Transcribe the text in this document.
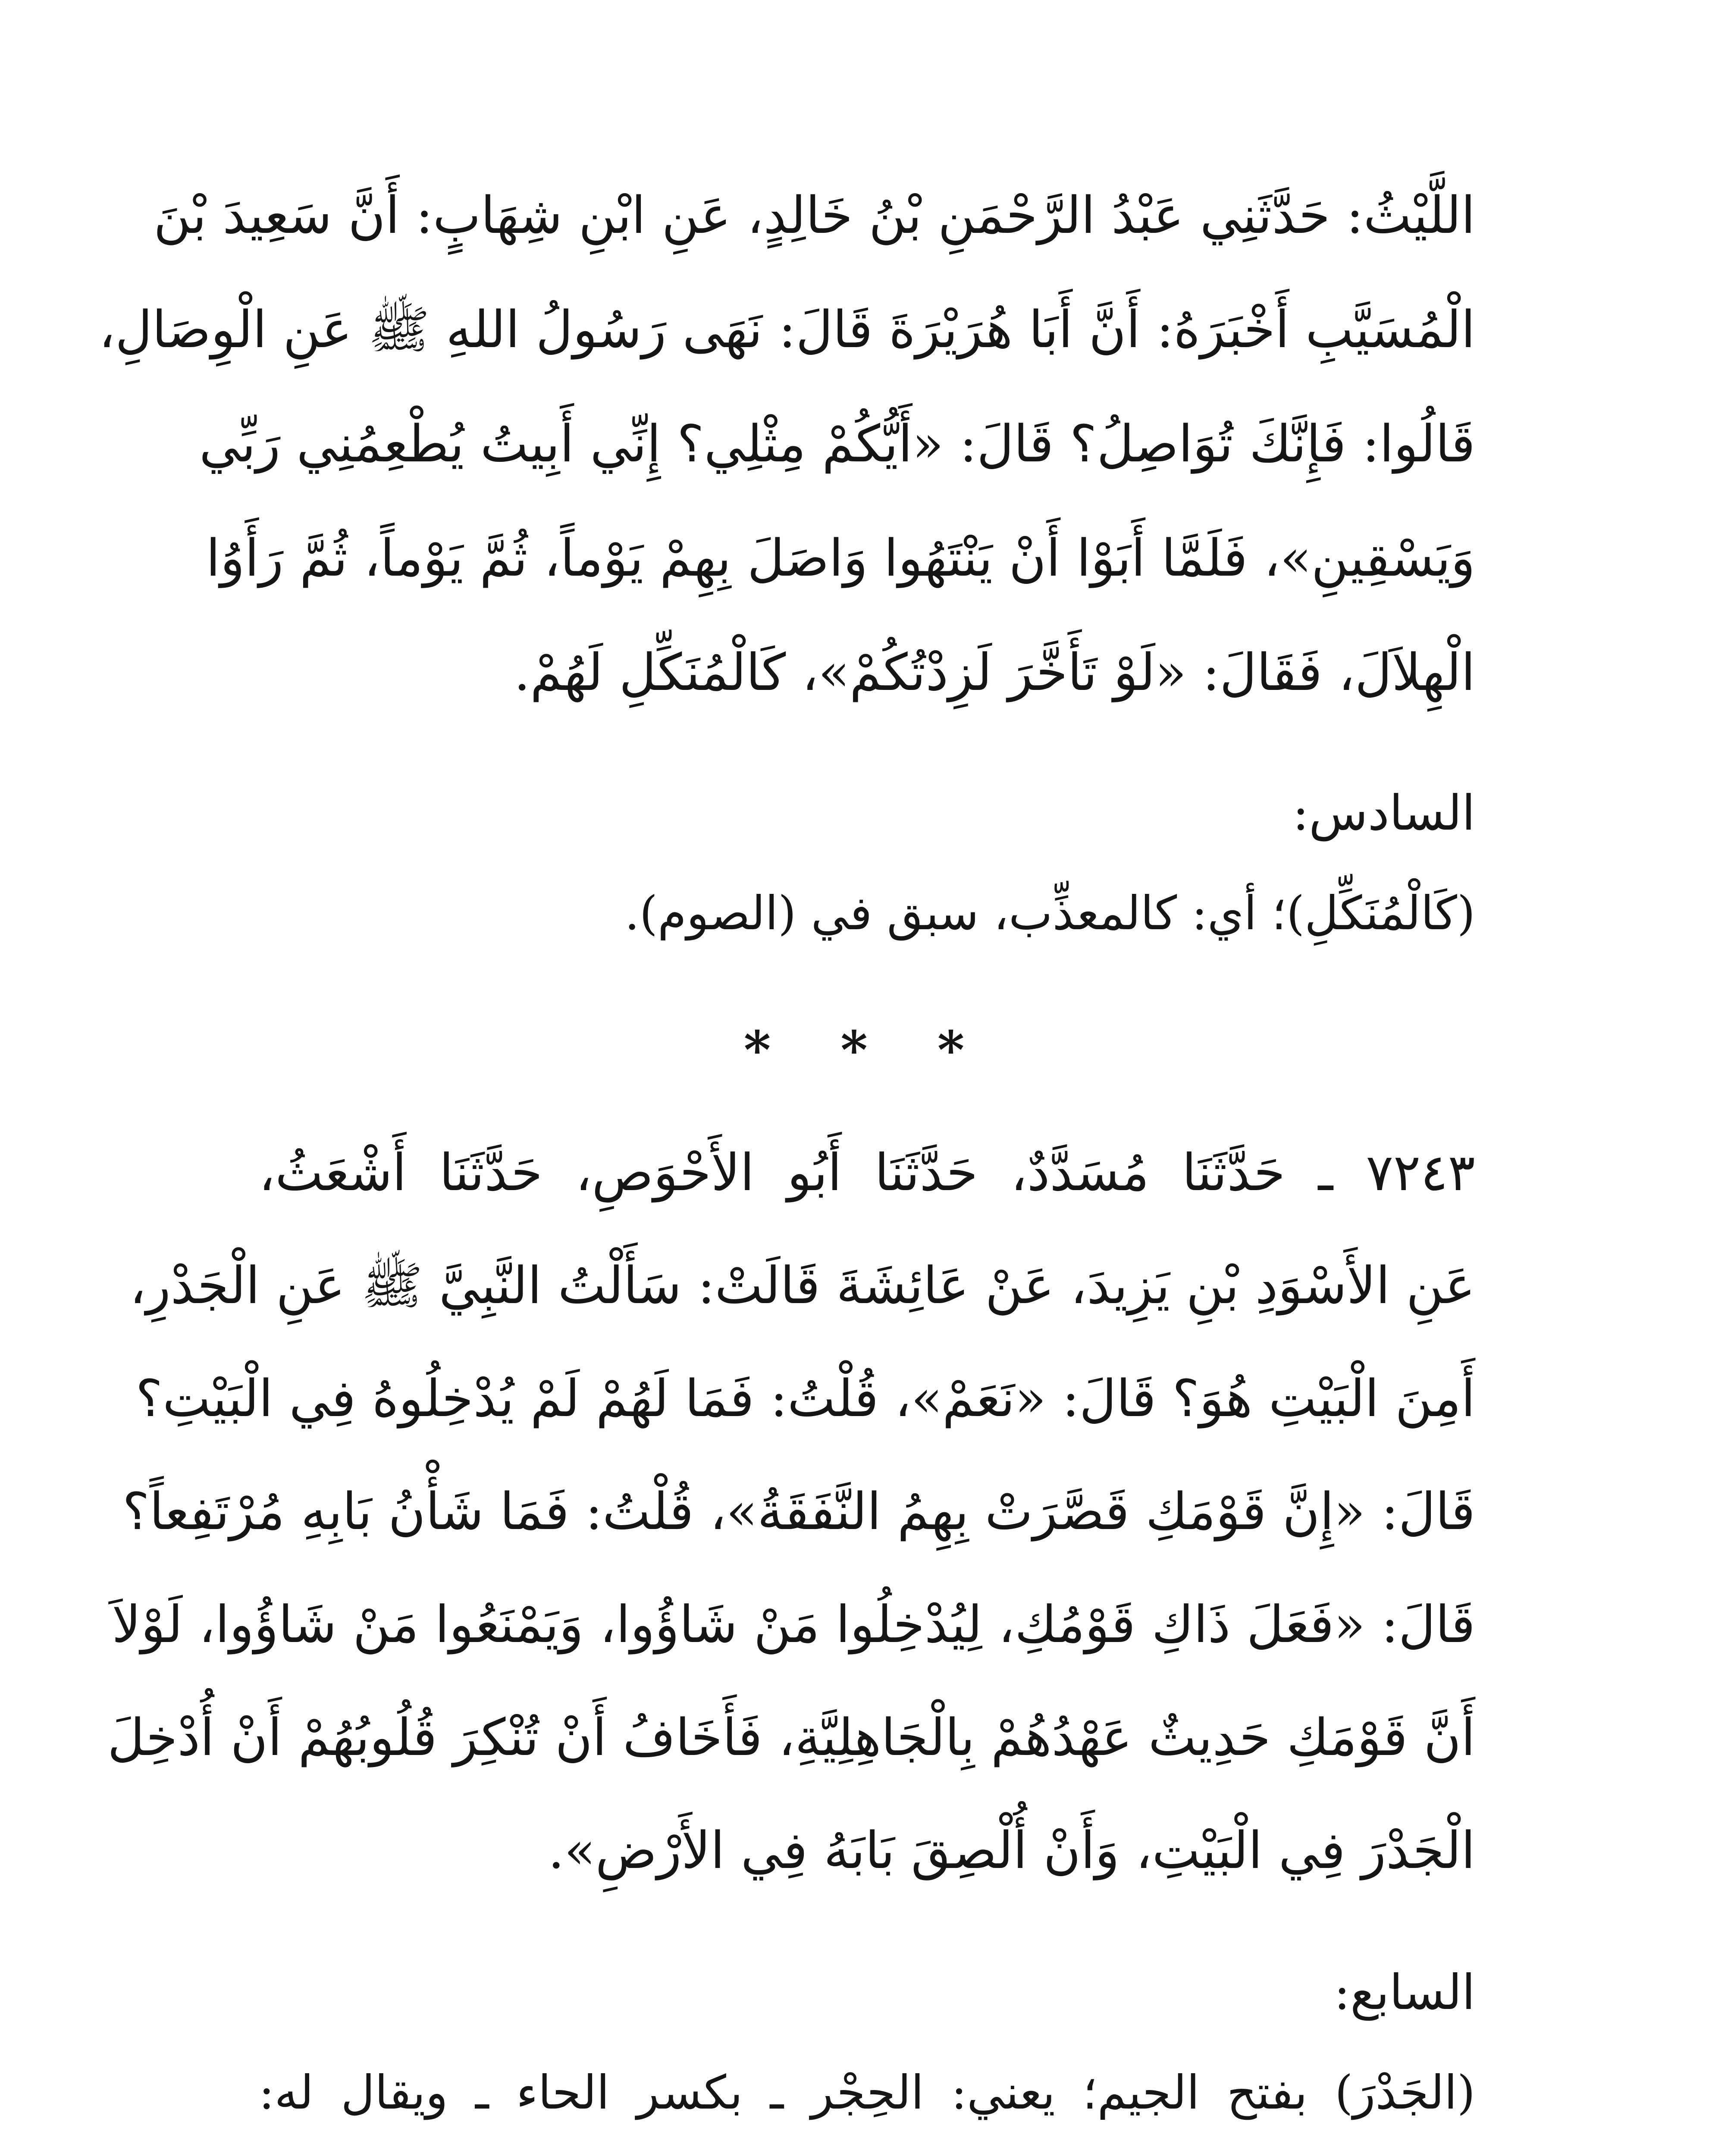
اللَّيْثُ: حَدَّثَنِي عَبْدُ الرَّحْمَنِ بْنُ خَالِدٍ، عَنِ ابْنِ شِهَابٍ: أَنَّ سَعِيدَ بْنَ
الْمُسَيَّبِ أَخْبَرَهُ: أَنَّ أَبَا هُرَيْرَةَ قَالَ: نَهَى رَسُولُ اللهِ ﷺ عَنِ الْوِصَالِ،
قَالُوا: فَإِنَّكَ تُوَاصِلُ؟ قَالَ: «أَيُّكُمْ مِثْلِي؟ إِنِّي أَبِيتُ يُطْعِمُنِي رَبِّي
وَيَسْقِينِ»، فَلَمَّا أَبَوْا أَنْ يَنْتَهُوا وَاصَلَ بِهِمْ يَوْماً، ثُمَّ يَوْماً، ثُمَّ رَأَوُا
الْهِلاَلَ، فَقَالَ: «لَوْ تَأَخَّرَ لَزِدْتُكُمْ»، كَالْمُنَكِّلِ لَهُمْ.
السادس:
(كَالْمُنَكِّلِ)؛ أي: كالمعذِّب، سبق في (الصوم).
* * *
٧٢٤٣ ـ حَدَّثَنَا مُسَدَّدٌ، حَدَّثَنَا أَبُو الأَحْوَصِ، حَدَّثَنَا أَشْعَثُ،
عَنِ الأَسْوَدِ بْنِ يَزِيدَ، عَنْ عَائِشَةَ قَالَتْ: سَأَلْتُ النَّبِيَّ ﷺ عَنِ الْجَدْرِ،
أَمِنَ الْبَيْتِ هُوَ؟ قَالَ: «نَعَمْ»، قُلْتُ: فَمَا لَهُمْ لَمْ يُدْخِلُوهُ فِي الْبَيْتِ؟
قَالَ: «إِنَّ قَوْمَكِ قَصَّرَتْ بِهِمُ النَّفَقَةُ»، قُلْتُ: فَمَا شَأْنُ بَابِهِ مُرْتَفِعاً؟
قَالَ: «فَعَلَ ذَاكِ قَوْمُكِ، لِيُدْخِلُوا مَنْ شَاؤُوا، وَيَمْنَعُوا مَنْ شَاؤُوا، لَوْلاَ
أَنَّ قَوْمَكِ حَدِيثٌ عَهْدُهُمْ بِالْجَاهِلِيَّةِ، فَأَخَافُ أَنْ تُنْكِرَ قُلُوبُهُمْ أَنْ أُدْخِلَ
الْجَدْرَ فِي الْبَيْتِ، وَأَنْ أُلْصِقَ بَابَهُ فِي الأَرْضِ».
السابع:
(الجَدْرَ) بفتح الجيم؛ يعني: الحِجْر ـ بكسر الحاء ـ ويقال له:
